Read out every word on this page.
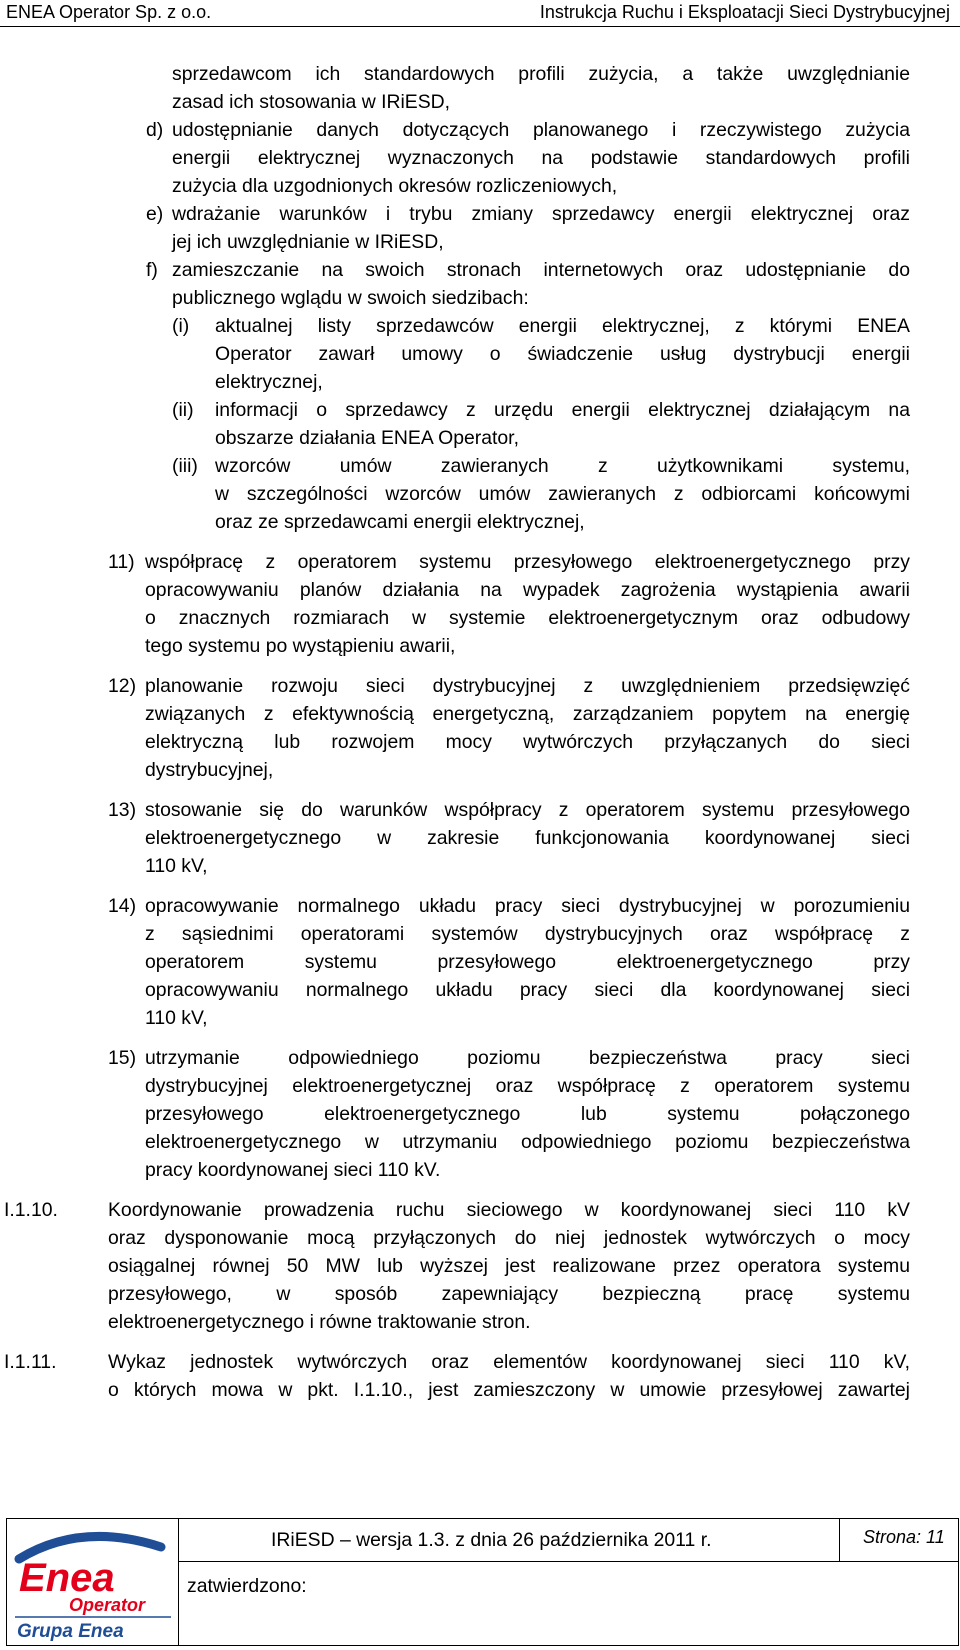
ENEA Operator Sp. z o.o.	Instrukcja Ruchu i Eksploatacji Sieci Dystrybucyjnej
sprzedawcom ich standardowych profili zużycia, a także uwzględnianie
zasad ich stosowania w IRiESD,
d) udostępnianie danych dotyczących planowanego i rzeczywistego zużycia
energii elektrycznej wyznaczonych na podstawie standardowych profili
zużycia dla uzgodnionych okresów rozliczeniowych,
e) wdrażanie warunków i trybu zmiany sprzedawcy energii elektrycznej oraz
jej ich uwzględnianie w IRiESD,
f) zamieszczanie na swoich stronach internetowych oraz udostępnianie do
publicznego wglądu w swoich siedzibach:
(i) aktualnej listy sprzedawców energii elektrycznej, z którymi ENEA
Operator zawarł umowy o świadczenie usług dystrybucji energii
elektrycznej,
(ii) informacji o sprzedawcy z urzędu energii elektrycznej działającym na
obszarze działania ENEA Operator,
(iii) wzorców umów zawieranych z użytkownikami systemu,
w szczególności wzorców umów zawieranych z odbiorcami końcowymi
oraz ze sprzedawcami energii elektrycznej,
11) współpracę z operatorem systemu przesyłowego elektroenergetycznego przy
opracowywaniu planów działania na wypadek zagrożenia wystąpienia awarii
o znacznych rozmiarach w systemie elektroenergetycznym oraz odbudowy
tego systemu po wystąpieniu awarii,
12) planowanie rozwoju sieci dystrybucyjnej z uwzględnieniem przedsięwzięć
związanych z efektywnością energetyczną, zarządzaniem popytem na energię
elektryczną lub rozwojem mocy wytwórczych przyłączanych do sieci
dystrybucyjnej,
13) stosowanie się do warunków współpracy z operatorem systemu przesyłowego
elektroenergetycznego w zakresie funkcjonowania koordynowanej sieci
110 kV,
14) opracowywanie normalnego układu pracy sieci dystrybucyjnej w porozumieniu
z sąsiednimi operatorami systemów dystrybucyjnych oraz współpracę z
operatorem systemu przesyłowego elektroenergetycznego przy
opracowywaniu normalnego układu pracy sieci dla koordynowanej sieci
110 kV,
15) utrzymanie odpowiedniego poziomu bezpieczeństwa pracy sieci
dystrybucyjnej elektroenergetycznej oraz współpracę z operatorem systemu
przesyłowego elektroenergetycznego lub systemu połączonego
elektroenergetycznego w utrzymaniu odpowiedniego poziomu bezpieczeństwa
pracy koordynowanej sieci 110 kV.
I.1.10.	Koordynowanie prowadzenia ruchu sieciowego w koordynowanej sieci 110 kV
oraz dysponowanie mocą przyłączonych do niej jednostek wytwórczych o mocy
osiągalnej równej 50 MW lub wyższej jest realizowane przez operatora systemu
przesyłowego, w sposób zapewniający bezpieczną pracę systemu
elektroenergetycznego i równe traktowanie stron.
I.1.11.	Wykaz jednostek wytwórczych oraz elementów koordynowanej sieci 110 kV,
o których mowa w pkt. I.1.10., jest zamieszczony w umowie przesyłowej zawartej
Enea
Operator
Grupa Enea
IRiESD – wersja 1.3. z dnia 26 października 2011 r.
zatwierdzono:
Strona: 11
